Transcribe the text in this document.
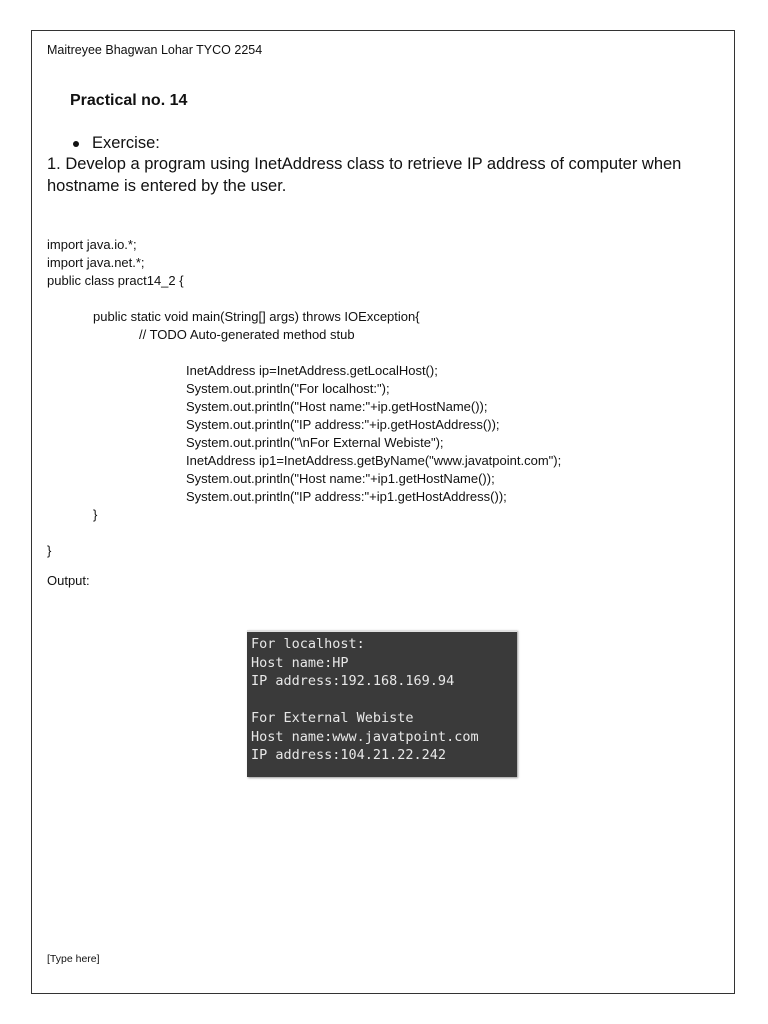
Maitreyee Bhagwan Lohar TYCO 2254
Practical no. 14
Exercise:
1. Develop a program using InetAddress class to retrieve IP address of computer when hostname is entered by the user.
import java.io.*;
import java.net.*;
public class pract14_2 {
public static void main(String[] args) throws IOException{
// TODO Auto-generated method stub
InetAddress ip=InetAddress.getLocalHost();
System.out.println("For localhost:");
System.out.println("Host name:"+ip.getHostName());
System.out.println("IP address:"+ip.getHostAddress());
System.out.println("\nFor External Webiste");
InetAddress ip1=InetAddress.getByName("www.javatpoint.com");
System.out.println("Host name:"+ip1.getHostName());
System.out.println("IP address:"+ip1.getHostAddress());
}
}
Output:
For localhost:
Host name:HP
IP address:192.168.169.94
For External Webiste
Host name:www.javatpoint.com
IP address:104.21.22.242
[Type here]
